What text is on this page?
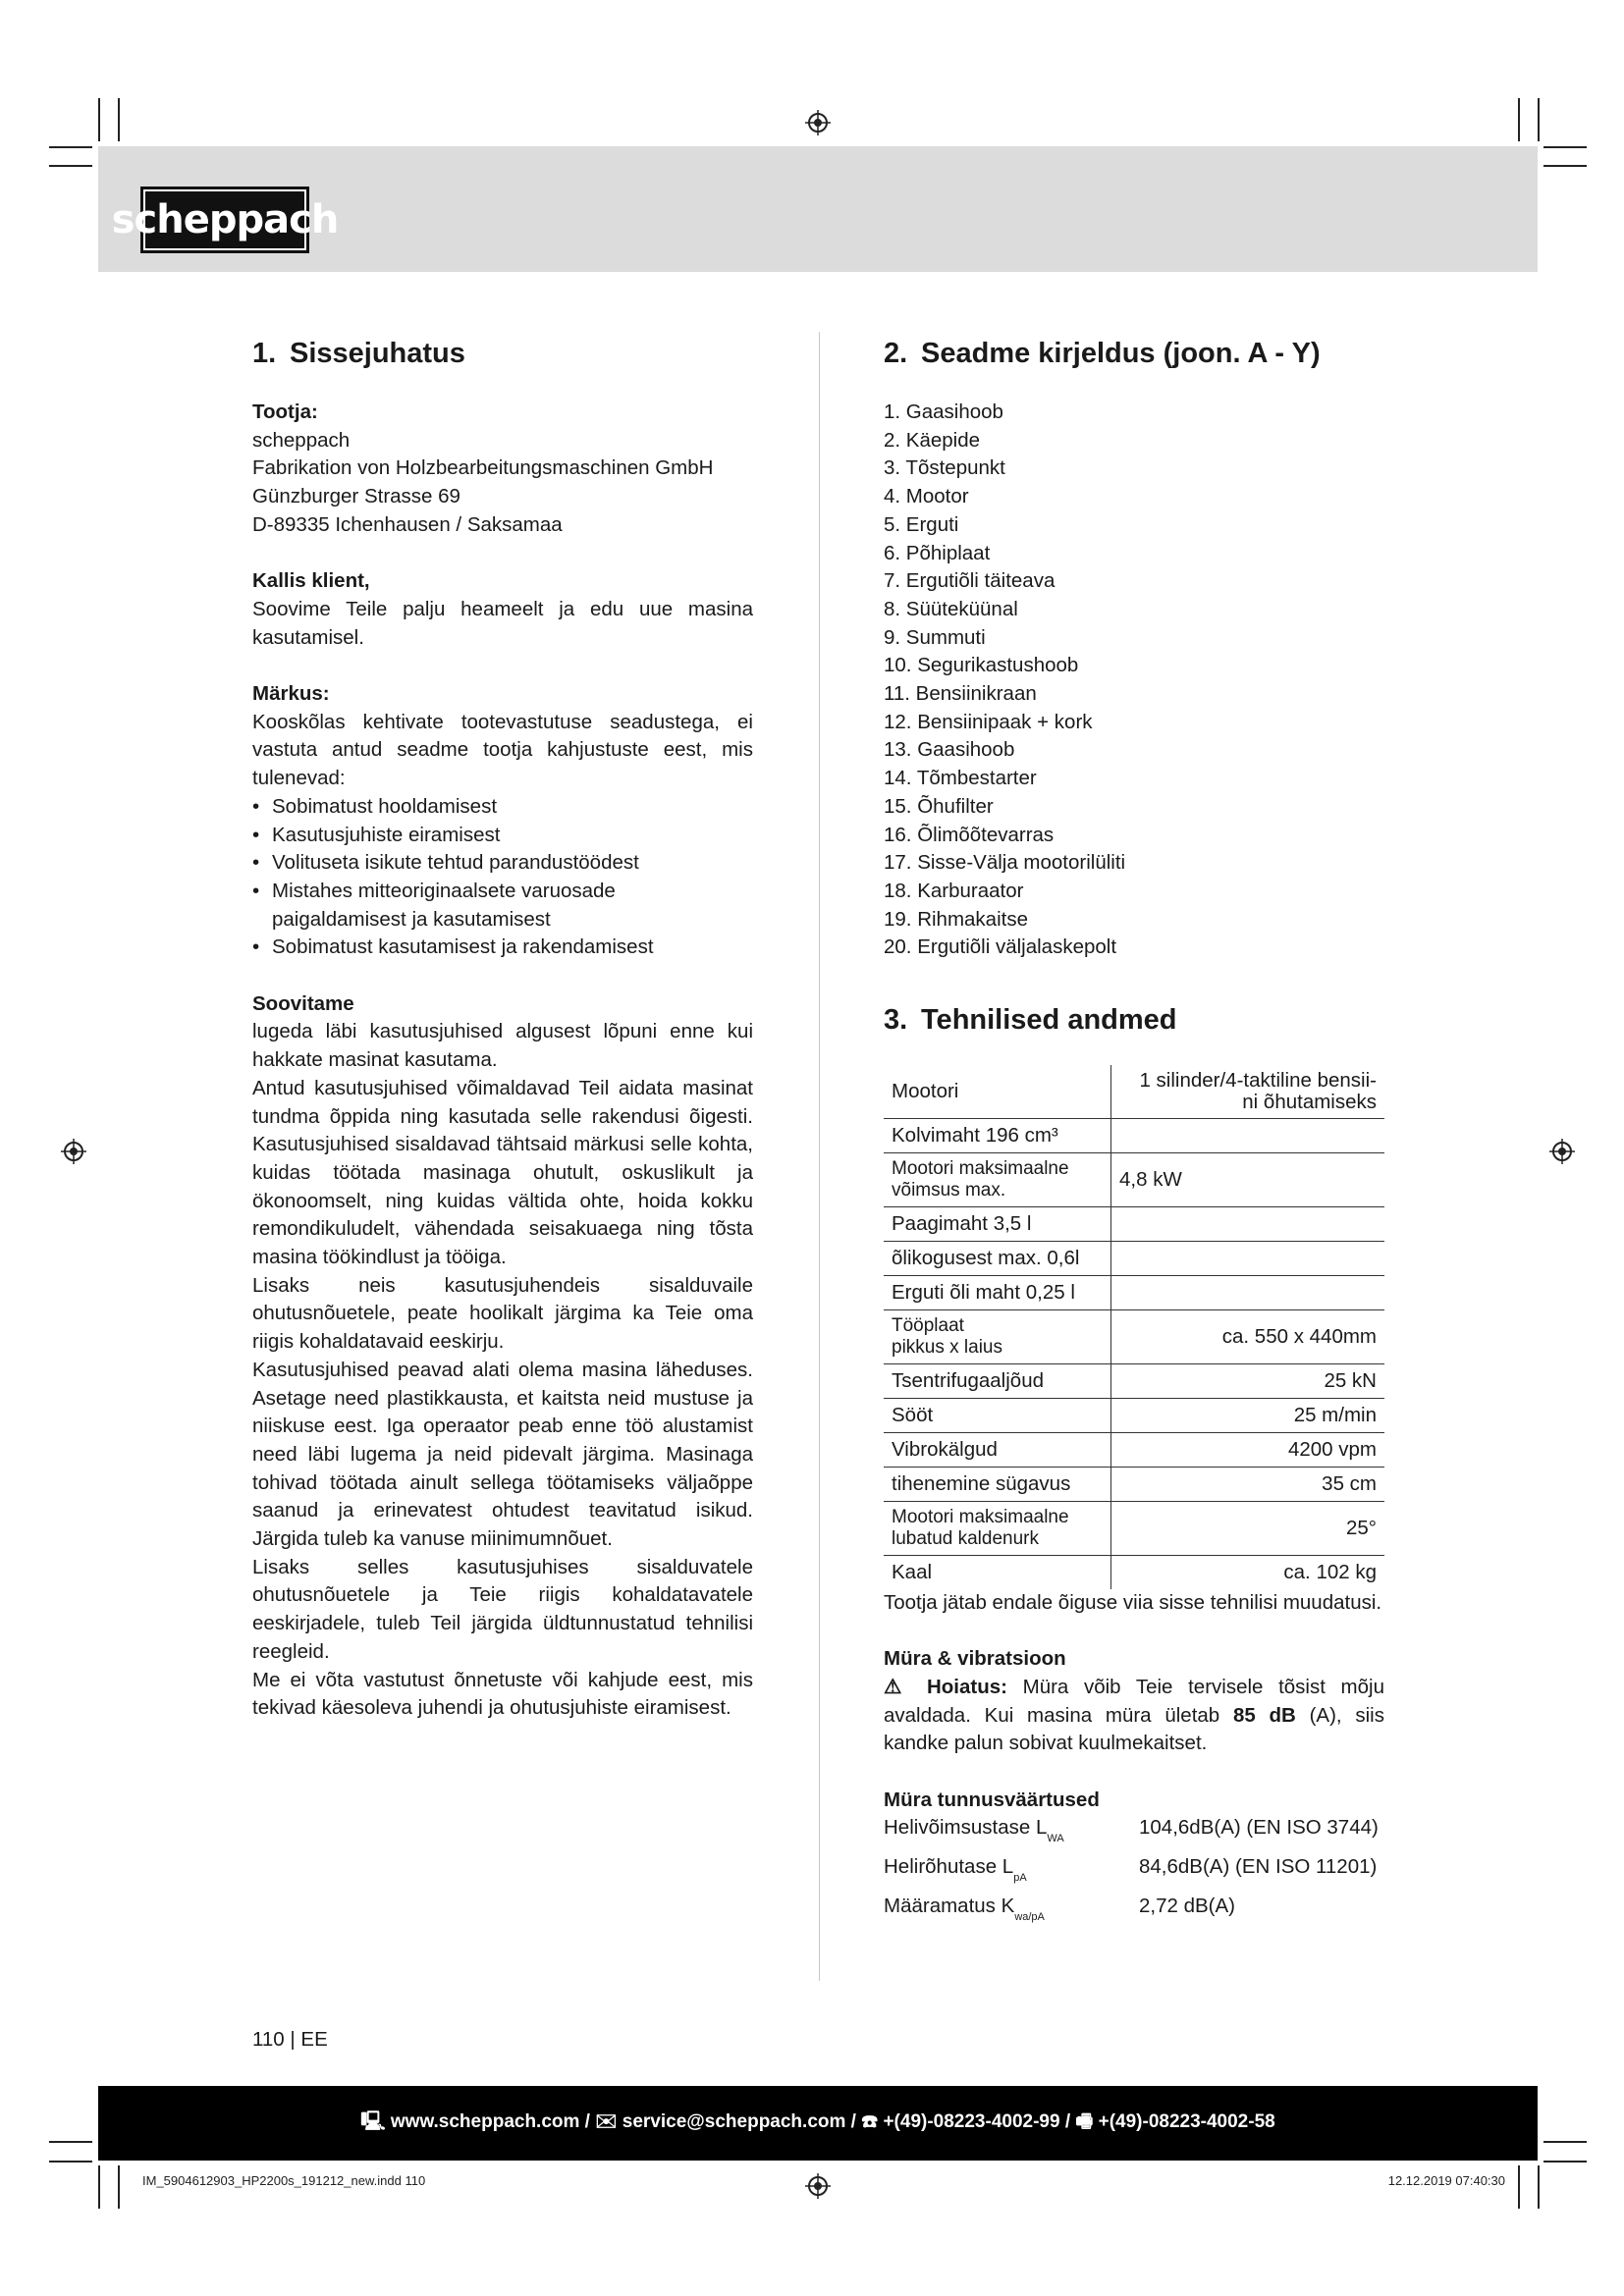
scheppach
1. Sissejuhatus

Tootja:

scheppach

Fabrikation von Holzbearbeitungsmaschinen GmbH

Günzburger Strasse 69

D-89335 Ichenhausen / Saksamaa

Kallis klient,

Soovime Teile palju heameelt ja edu uue masina kasutamisel.

Märkus:

Kooskõlas kehtivate tootevastutuse seadustega, ei vastuta antud seadme tootja kahjustuste eest, mis tulenevad:

• Sobimatust hooldamisest
• Kasutusjuhiste eiramisest
• Volituseta isikute tehtud parandustöödest
• Mistahes mitteoriginaalsete varuosade paigaldamisest ja kasutamisest
• Sobimatust kasutamisest ja rakendamisest

Soovitame

lugeda läbi kasutusjuhised algusest lõpuni enne kui hakkate masinat kasutama.

Antud kasutusjuhised võimaldavad Teil aidata masinat tundma õppida ning kasutada selle rakendusi õigesti. Kasutusjuhised sisaldavad tähtsaid märkusi selle kohta, kuidas töötada masinaga ohutult, oskuslikult ja ökonoomselt, ning kuidas vältida ohte, hoida kokku remondikuludelt, vähendada seisakuaega ning tõsta masina töökindlust ja tööiga.

Lisaks neis kasutusjuhendeis sisalduvaile ohutusnõuetele, peate hoolikalt järgima ka Teie oma riigis kohaldatavaid eeskirju.

Kasutusjuhised peavad alati olema masina läheduses. Asetage need plastikkausta, et kaitsta neid mustuse ja niiskuse eest. Iga operaator peab enne töö alustamist need läbi lugema ja neid pidevalt järgima. Masinaga tohivad töötada ainult sellega töötamiseks väljaõppe saanud ja erinevatest ohtudest teavitatud isikud. Järgida tuleb ka vanuse miinimumnõuet.

Lisaks selles kasutusjuhises sisalduvatele ohutusnõuetele ja Teie riigis kohaldatavatele eeskirjadele, tuleb Teil järgida üldtunnustatud tehnilisi reegleid.

Me ei võta vastutust õnnetuste või kahjude eest, mis tekivad käesoleva juhendi ja ohutusjuhiste eiramisest.

2. Seadme kirjeldus (joon. A - Y)
1. Gaasihoob
2. Käepide
3. Tõstepunkt
4. Mootor
5. Erguti
6. Põhiplaat
7. Ergutiõli täiteava
8. Süüteküünal
9. Summuti
10. Segurikastushoob
11. Bensiinikraan
12. Bensiinipaak + kork
13. Gaasihoob
14. Tõmbestarter
15. Õhufilter
16. Õlimõõtevarras
17. Sisse-Välja mootorilüliti
18. Karburaator
19. Rihmakaitse
20. Ergutiõli väljalaskepolt
3. Tehnilised andmed
Mootori	1 silinder/4-taktiline bensii-
ni õhutamiseks

Kolvimaht 196 cm³	

Mootori maksimaalne
võimsus max.	4,8 kW
Paagimaht 3,5 l	
õlikogusest max. 0,6l	
Erguti õli maht 0,25 l	

Tööplaat
pikkus x laius	ca. 550 x 440mm
Tsentrifugaaljõud	25 kN
Sööt	25 m/min
Vibrokälgud	4200 vpm
tihenemine sügavus	35 cm

Mootori maksimaalne
lubatud kaldenurk	25°
Kaal	ca. 102 kg

Tootja jätab endale õiguse viia sisse tehnilisi muudatusi.

Müra & vibratsioon

⚠ Hoiatus: Müra võib Teie tervisele tõsist mõju avaldada. Kui masina müra ületab 85 dB (A), siis kandke palun sobivat kuulmekaitset.

Müra tunnusväärtused

Helivõimsustase $L_{WA}$	104,6dB(A) (EN ISO 3744)
Helirõhutase $L_{pA}$	84,6dB(A) (EN ISO 11201)
Määramatus $K_{wa/pA}$	2,72 dB(A)
110 | EE
🖳 www.scheppach.com / ✉ service@scheppach.com / ☎ +(49)-08223-4002-99 / 🖷 +(49)-08223-4002-58
IM_5904612903_HP2200s_191212_new.indd 110	12.12.2019 07:40:30
